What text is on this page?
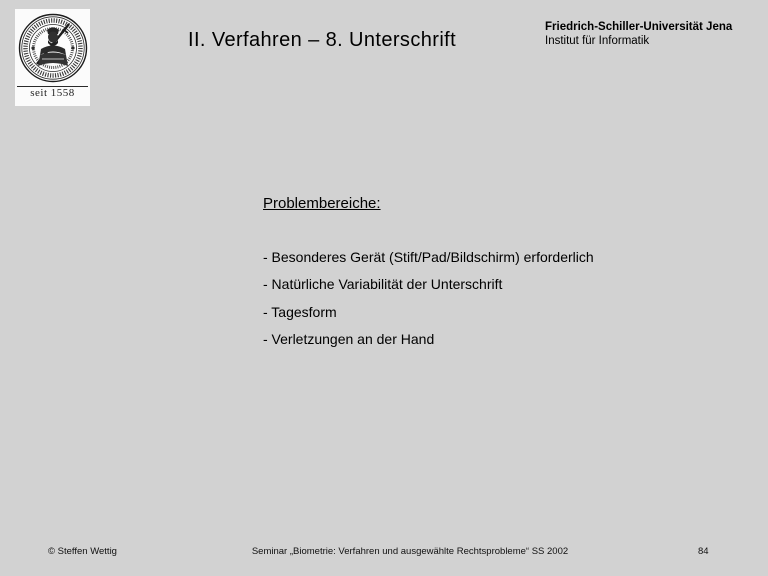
seit 1558
II. Verfahren – 8. Unterschrift
Friedrich-Schiller-Universität Jena
Institut für Informatik
Problembereiche:
- Besonderes Gerät (Stift/Pad/Bildschirm) erforderlich
- Natürliche Variabilität der Unterschrift
- Tagesform
- Verletzungen an der Hand
© Steffen Wettig	Seminar „Biometrie: Verfahren und ausgewählte Rechtsprobleme“ SS 2002	84
